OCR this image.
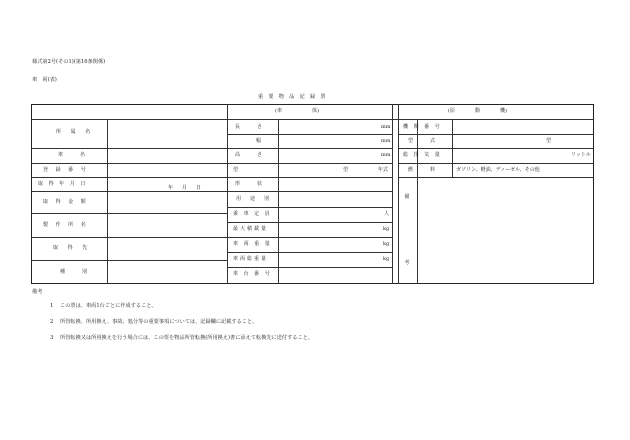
様式第2号(その1)(第16条関係)
車　両(表)
重　要　物　品　記　録　票
(車　　　　　　体)	(原　　　　動　　　　機)
所 属 名
車　名
登 録 番 号
取 得 年 月 日
取 得 金 額
製 作 所 名
取 得 先
種　別
年　月　日
長　さ
幅
高　さ
型
形　状
用　途　別
乗 車 定 員
最大積載量
車 両 重 量
車両総重量
車 台 番 号
mm
mm
mm
型	年式
人
kg
kg
kg
機 関 番 号
型　式
総 排 気 量
燃　料
型
リットル
ガソリン、軽油、ディーゼル、その他
備
考
備考
1 この票は、車両1台ごとに作成すること。
2 所管転換、所用換え、事故、処分等の重要事項については、記録欄に記載すること。
3 所管転換又は所用換えを行う場合には、この票を物品所管転換(所用換え)書に添えて転換先に送付すること。
